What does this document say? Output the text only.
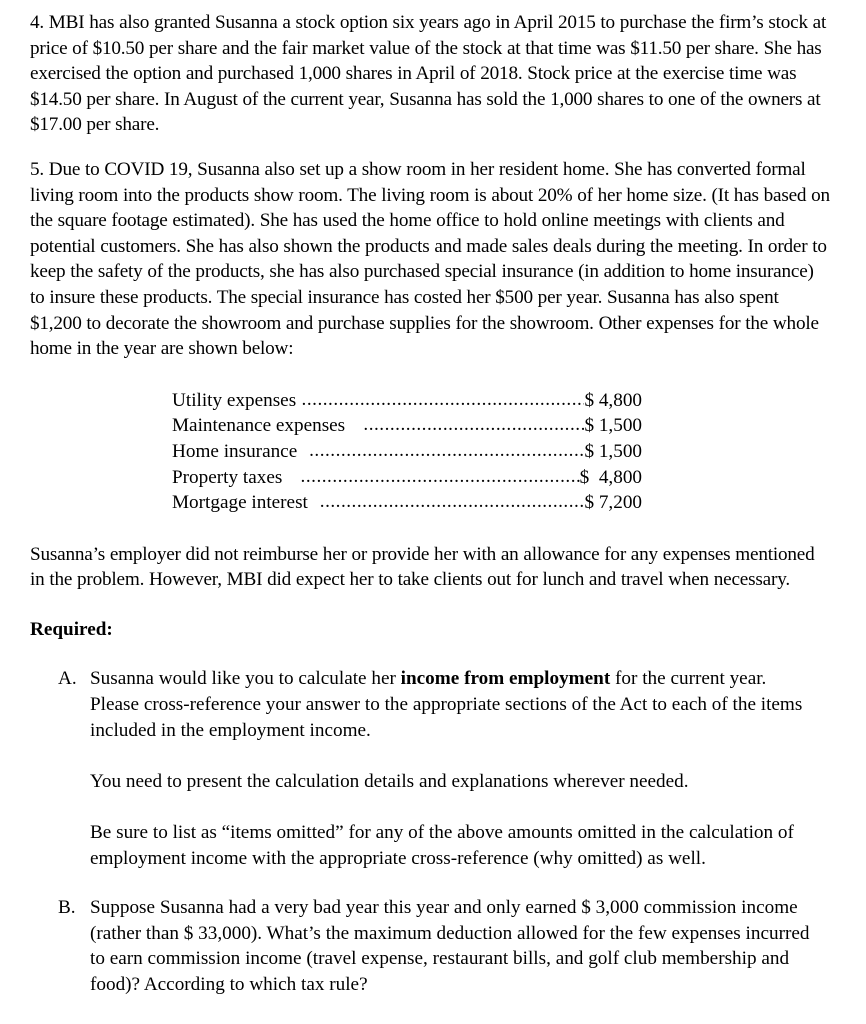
4. MBI has also granted Susanna a stock option six years ago in April 2015 to purchase the firm’s stock at price of $10.50 per share and the fair market value of the stock at that time was $11.50 per share. She has exercised the option and purchased 1,000 shares in April of 2018. Stock price at the exercise time was $14.50 per share. In August of the current year, Susanna has sold the 1,000 shares to one of the owners at $17.00 per share.

5. Due to COVID 19, Susanna also set up a show room in her resident home. She has converted formal living room into the products show room. The living room is about 20% of her home size. (It has based on the square footage estimated). She has used the home office to hold online meetings with clients and potential customers. She has also shown the products and made sales deals during the meeting. In order to keep the safety of the products, she has also purchased special insurance (in addition to home insurance) to insure these products. The special insurance has costed her $500 per year. Susanna has also spent $1,200 to decorate the showroom and purchase supplies for the showroom. Other expenses for the whole home in the year are shown below:

Utility expenses .....	$ 4,800
Maintenance expenses .....	$ 1,500
Home insurance .....	$ 1,500
Property taxes .....	$  4,800
Mortgage interest .....	$ 7,200

Susanna’s employer did not reimburse her or provide her with an allowance for any expenses mentioned in the problem. However, MBI did expect her to take clients out for lunch and travel when necessary.

Required:

A. Susanna would like you to calculate her income from employment for the current year. Please cross-reference your answer to the appropriate sections of the Act to each of the items included in the employment income.

You need to present the calculation details and explanations wherever needed.

Be sure to list as “items omitted” for any of the above amounts omitted in the calculation of employment income with the appropriate cross-reference (why omitted) as well.

B. Suppose Susanna had a very bad year this year and only earned $ 3,000 commission income (rather than $ 33,000). What’s the maximum deduction allowed for the few expenses incurred to earn commission income (travel expense, restaurant bills, and golf club membership and food)? According to which tax rule?
